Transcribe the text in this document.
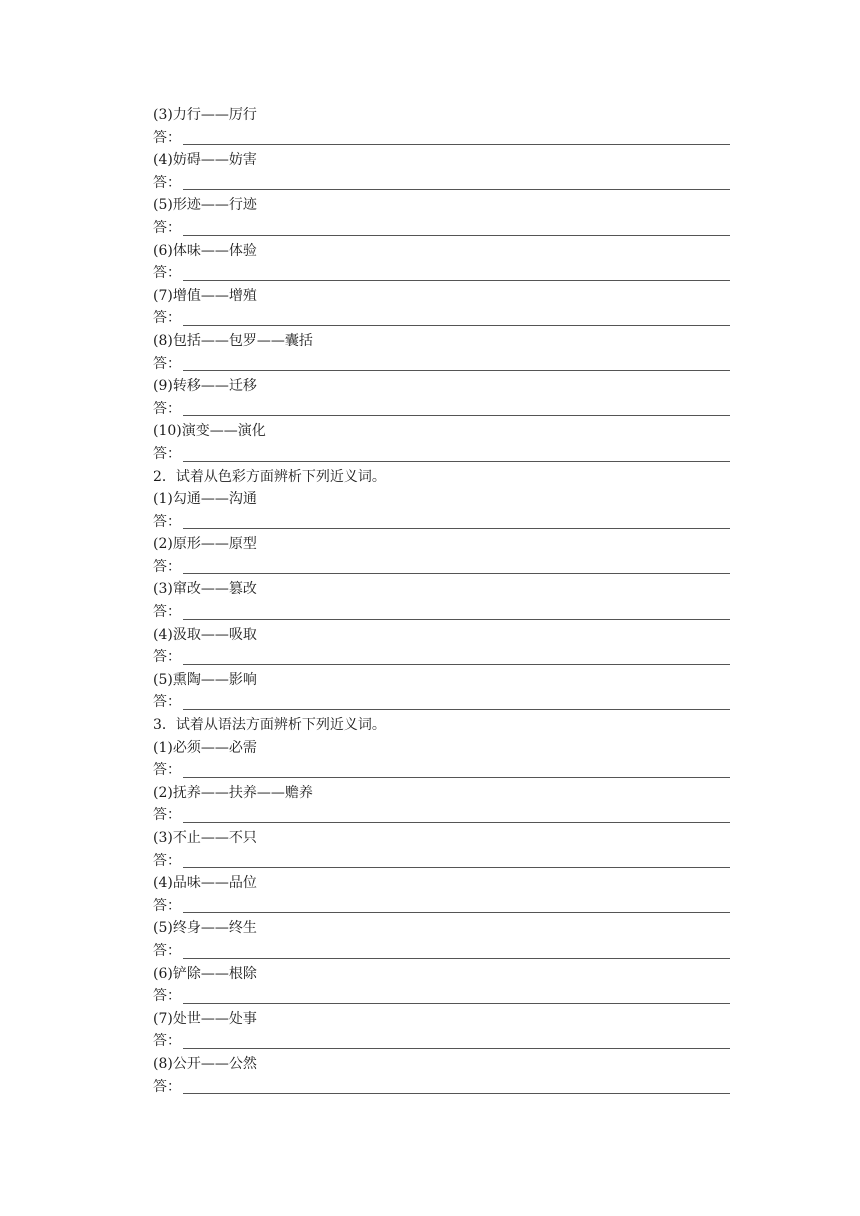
(3)力行——厉行
答：
(4)妨碍——妨害
答：
(5)形迹——行迹
答：
(6)体味——体验
答：
(7)增值——增殖
答：
(8)包括——包罗——囊括
答：
(9)转移——迁移
答：
(10)演变——演化
答：
2．试着从色彩方面辨析下列近义词。
(1)勾通——沟通
答：
(2)原形——原型
答：
(3)窜改——篡改
答：
(4)汲取——吸取
答：
(5)熏陶——影响
答：
3．试着从语法方面辨析下列近义词。
(1)必须——必需
答：
(2)抚养——扶养——赡养
答：
(3)不止——不只
答：
(4)品味——品位
答：
(5)终身——终生
答：
(6)铲除——根除
答：
(7)处世——处事
答：
(8)公开——公然
答：
